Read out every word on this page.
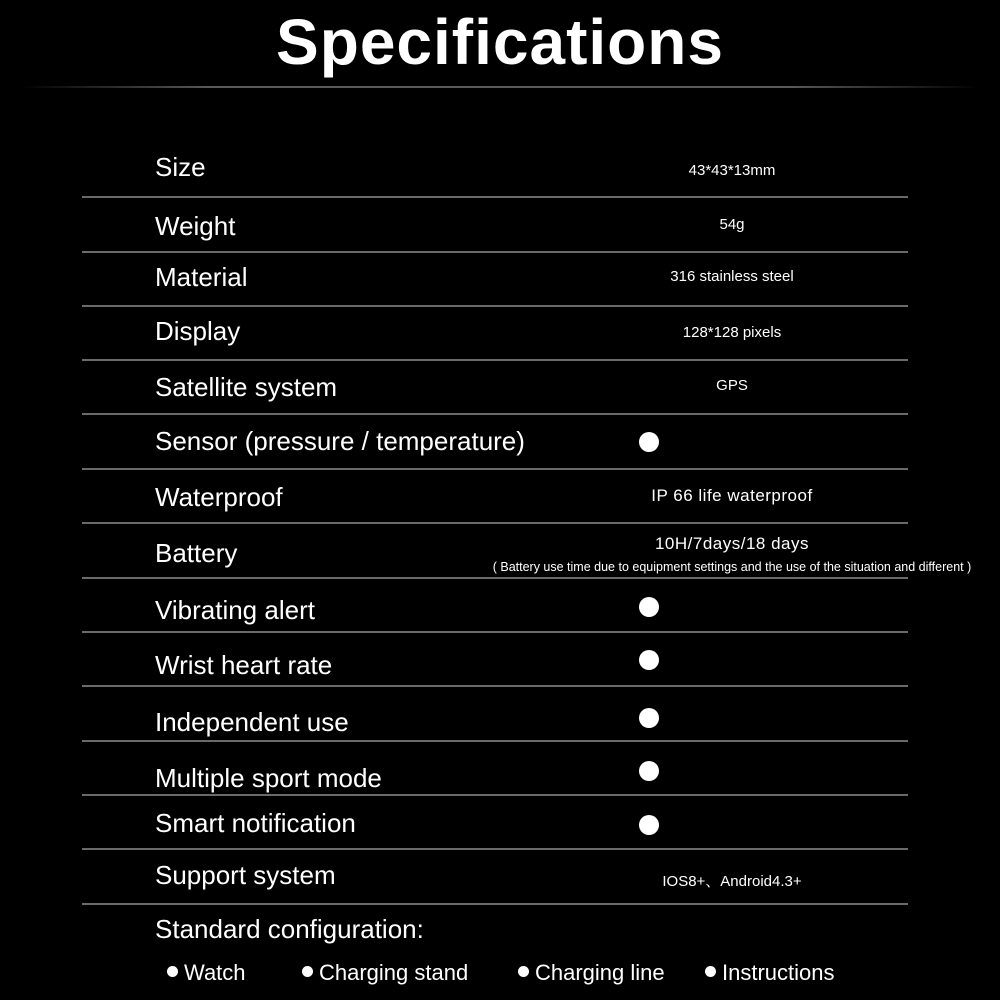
Specifications
Size	43*43*13mm
Weight	54g
Material	316 stainless steel
Display	128*128 pixels
Satellite system	GPS
Sensor (pressure / temperature)
Waterproof	IP 66 life waterproof
Battery	10H/7days/18 days
( Battery use time due to equipment settings and the use of the situation and different )
Vibrating alert
Wrist heart rate
Independent use
Multiple sport mode
Smart notification
Support system	IOS8+、Android4.3+
Standard configuration:
Watch	Charging stand	Charging line	Instructions
